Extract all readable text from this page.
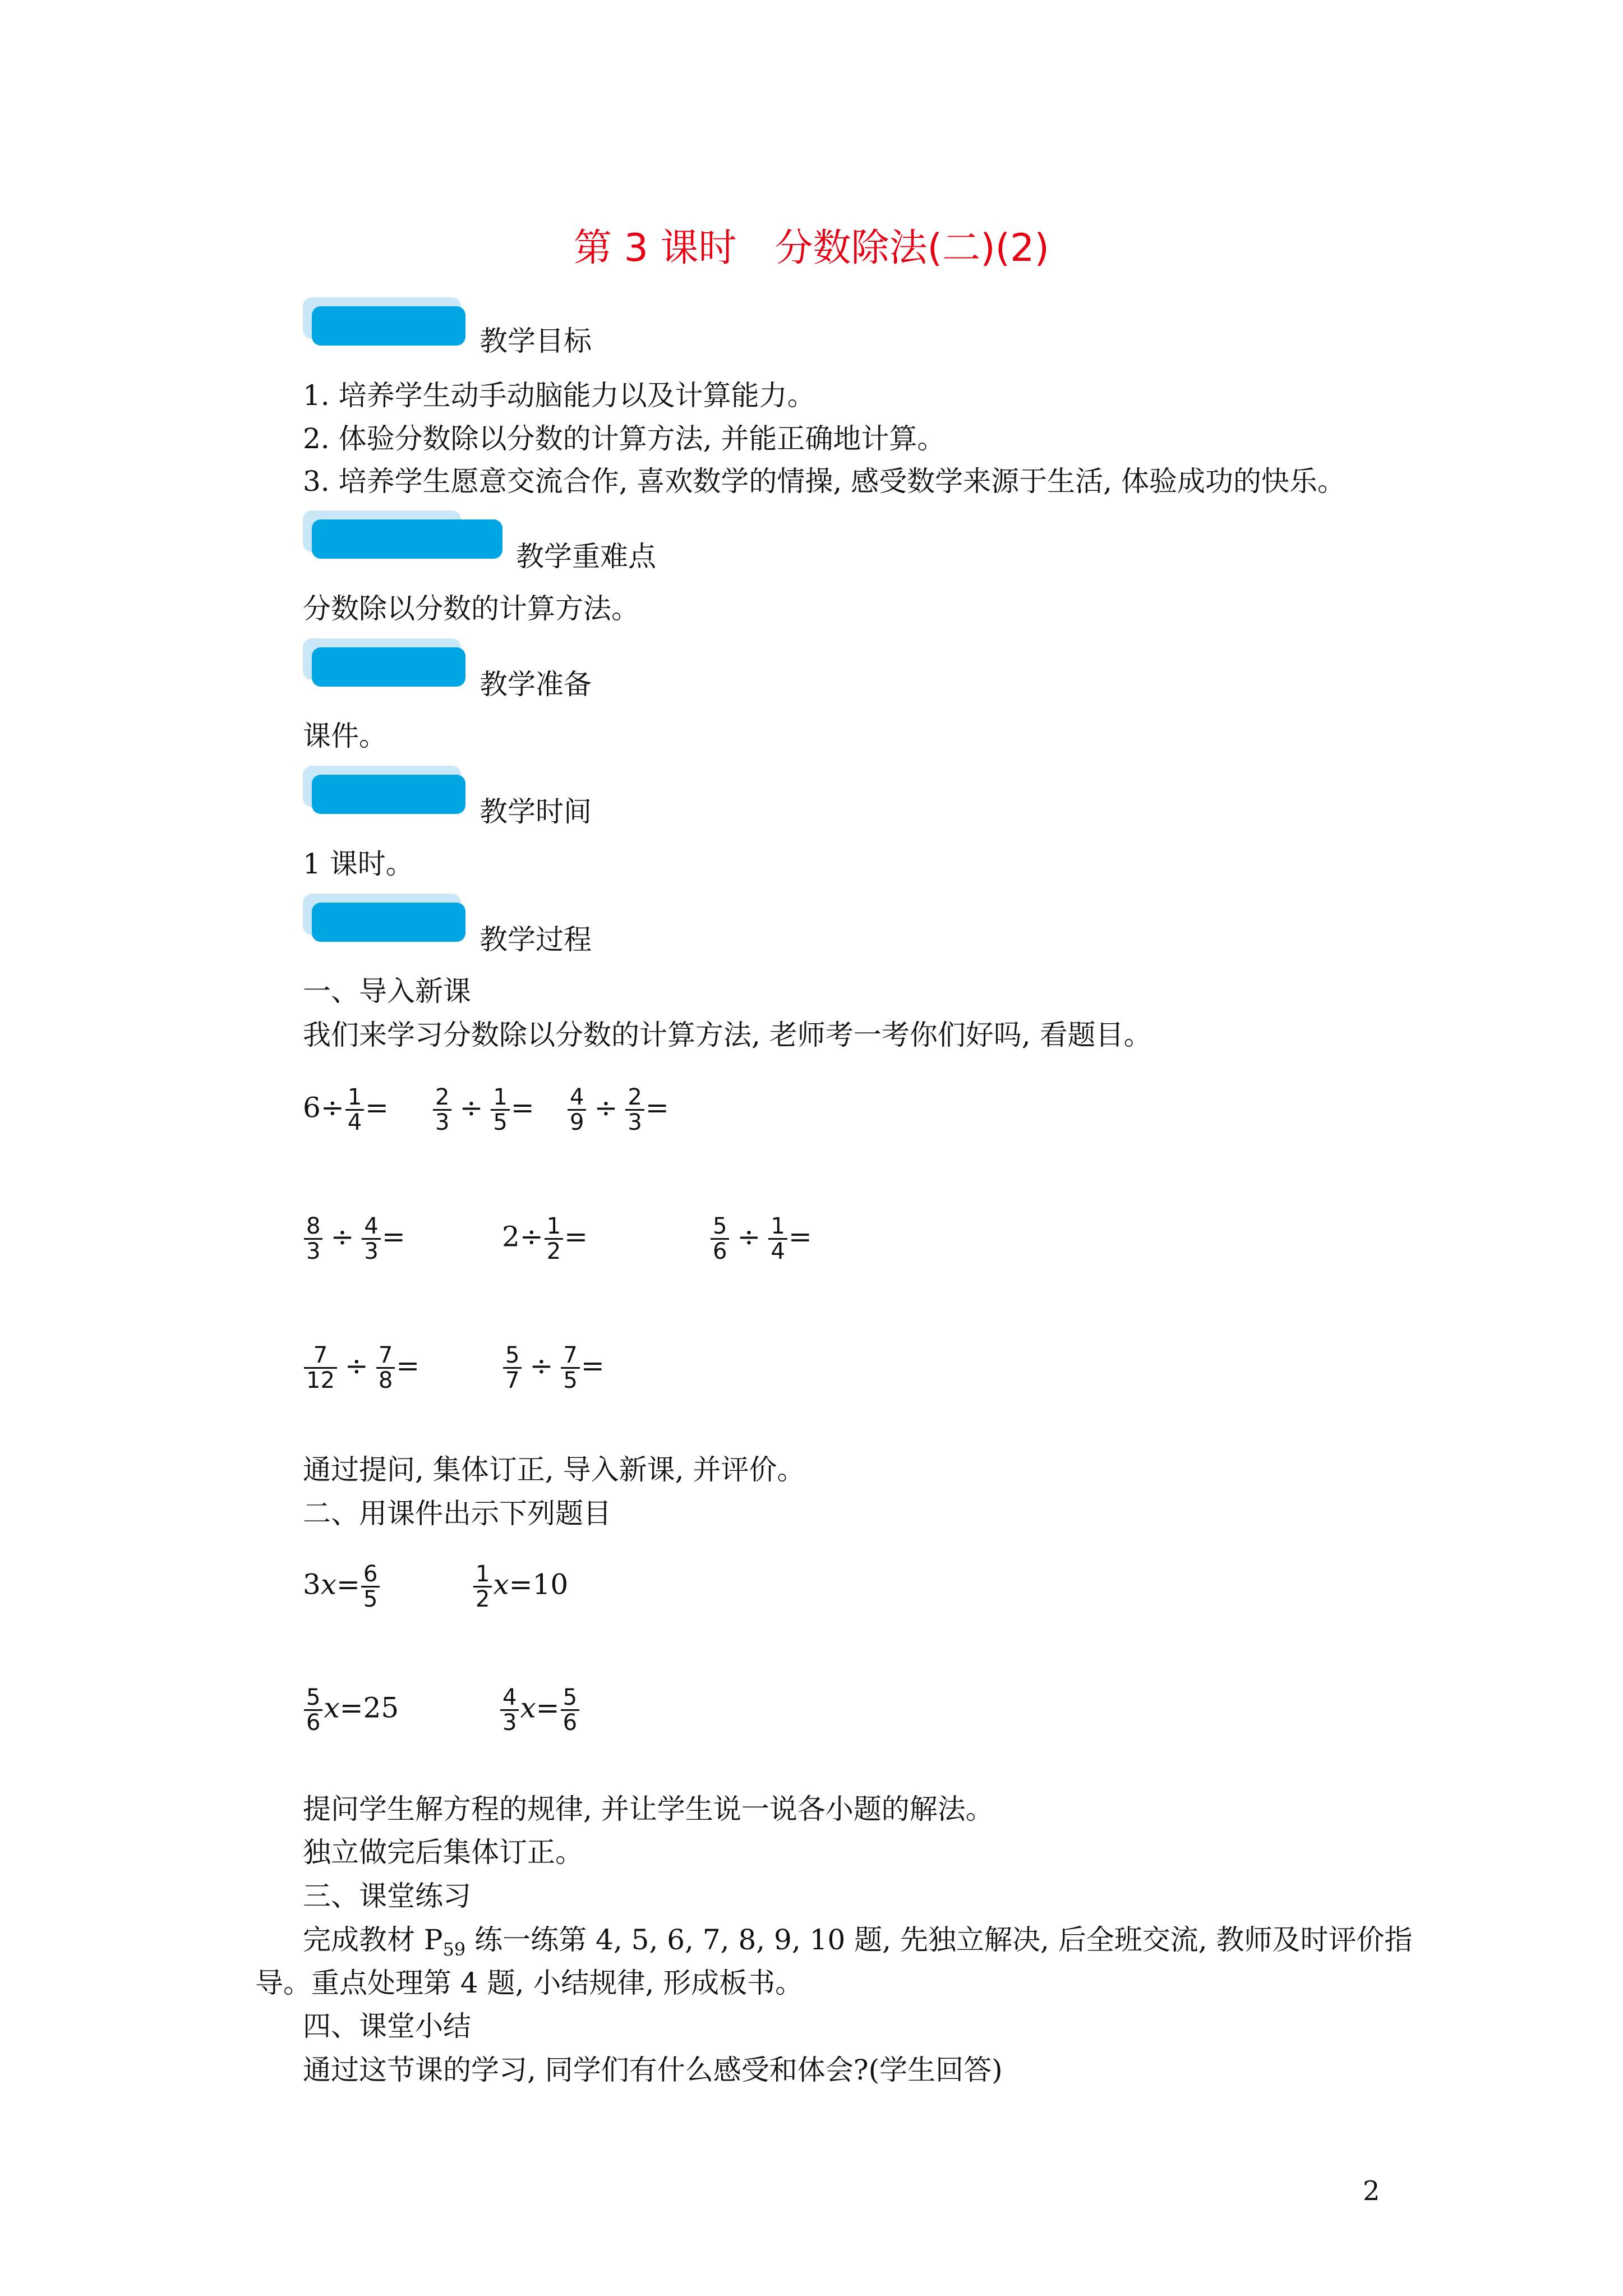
第 3 课时　分数除法(二)(2)
教学目标
1. 培养学生动手动脑能力以及计算能力。
2. 体验分数除以分数的计算方法, 并能正确地计算。
3. 培养学生愿意交流合作, 喜欢数学的情操, 感受数学来源于生活, 体验成功的快乐。
教学重难点
分数除以分数的计算方法。
教学准备
课件。
教学时间
1 课时。
教学过程
一、导入新课
我们来学习分数除以分数的计算方法, 老师考一考你们好吗, 看题目。
$6\div \frac{1}{4} = \frac{2}{3} \div \frac{1}{5} = \frac{4}{9} \div \frac{2}{3}$ =
$\frac{8}{3} \div \frac{4}{3}$ =	$2\div \frac{1}{2}$ =	$\frac{5}{6} \div \frac{1}{4}$ =
$\frac{7}{12} \div \frac{7}{8}$ =	$\frac{5}{7} \div \frac{7}{5}$ =
通过提问, 集体订正, 导入新课, 并评价。
二、用课件出示下列题目
$3x= \frac{6}{5}$	$\frac{1}{2} x=10$
$\frac{5}{6} x=25$	$\frac{4}{3} x= \frac{5}{6}$
提问学生解方程的规律, 并让学生说一说各小题的解法。
独立做完后集体订正。
三、课堂练习
完成教材 $P_{59}$ 练一练第 4, 5, 6, 7, 8, 9, 10 题, 先独立解决, 后全班交流, 教师及时评价指
导。重点处理第 4 题, 小结规律, 形成板书。
四、课堂小结
通过这节课的学习, 同学们有什么感受和体会?(学生回答)
2
